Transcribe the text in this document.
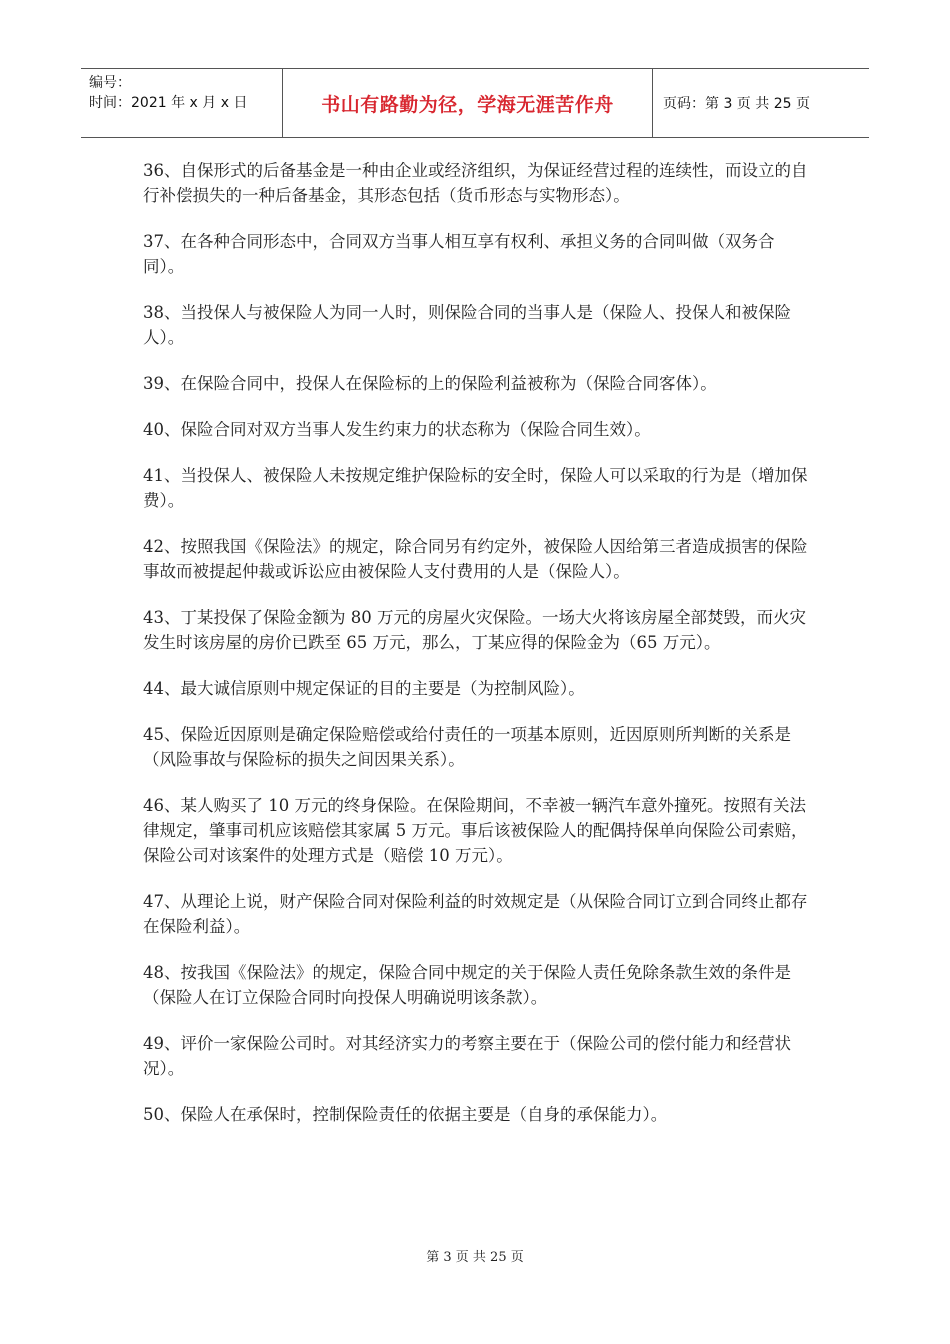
编号：
时间：2021 年 x 月 x 日	书山有路勤为径，学海无涯苦作舟	页码：第 3 页 共 25 页

36、自保形式的后备基金是一种由企业或经济组织，为保证经营过程的连续性，而设立的自行补偿损失的一种后备基金，其形态包括（货币形态与实物形态）。

37、在各种合同形态中，合同双方当事人相互享有权利、承担义务的合同叫做（双务合同）。

38、当投保人与被保险人为同一人时，则保险合同的当事人是（保险人、投保人和被保险人）。

39、在保险合同中，投保人在保险标的上的保险利益被称为（保险合同客体）。

40、保险合同对双方当事人发生约束力的状态称为（保险合同生效）。

41、当投保人、被保险人未按规定维护保险标的安全时，保险人可以采取的行为是（增加保费）。

42、按照我国《保险法》的规定，除合同另有约定外，被保险人因给第三者造成损害的保险事故而被提起仲裁或诉讼应由被保险人支付费用的人是（保险人）。

43、丁某投保了保险金额为 80 万元的房屋火灾保险。一场大火将该房屋全部焚毁，而火灾发生时该房屋的房价已跌至 65 万元，那么，丁某应得的保险金为（65 万元）。

44、最大诚信原则中规定保证的目的主要是（为控制风险）。

45、保险近因原则是确定保险赔偿或给付责任的一项基本原则，近因原则所判断的关系是（风险事故与保险标的损失之间因果关系）。

46、某人购买了 10 万元的终身保险。在保险期间，不幸被一辆汽车意外撞死。按照有关法律规定，肇事司机应该赔偿其家属 5 万元。事后该被保险人的配偶持保单向保险公司索赔，保险公司对该案件的处理方式是（赔偿 10 万元）。

47、从理论上说，财产保险合同对保险利益的时效规定是（从保险合同订立到合同终止都存在保险利益）。

48、按我国《保险法》的规定，保险合同中规定的关于保险人责任免除条款生效的条件是（保险人在订立保险合同时向投保人明确说明该条款）。

49、评价一家保险公司时。对其经济实力的考察主要在于（保险公司的偿付能力和经营状况）。

50、保险人在承保时，控制保险责任的依据主要是（自身的承保能力）。

第 3 页 共 25 页
